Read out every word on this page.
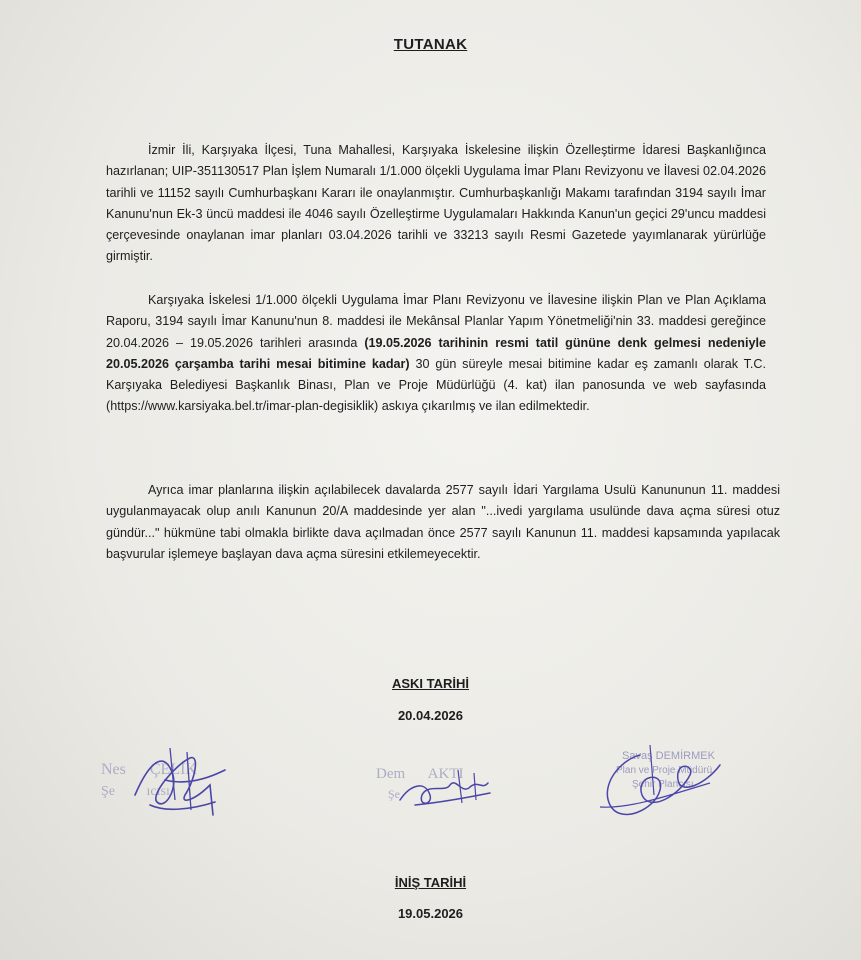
TUTANAK

İzmir İli, Karşıyaka İlçesi, Tuna Mahallesi, Karşıyaka İskelesine ilişkin Özelleştirme İdaresi Başkanlığınca hazırlanan; UIP-351130517 Plan İşlem Numaralı 1/1.000 ölçekli Uygulama İmar Planı Revizyonu ve İlavesi 02.04.2026 tarihli ve 11152 sayılı Cumhurbaşkanı Kararı ile onaylanmıştır. Cumhurbaşkanlığı Makamı tarafından 3194 sayılı İmar Kanunu'nun Ek-3 üncü maddesi ile 4046 sayılı Özelleştirme Uygulamaları Hakkında Kanun'un geçici 29'uncu maddesi çerçevesinde onaylanan imar planları 03.04.2026 tarihli ve 33213 sayılı Resmi Gazetede yayımlanarak yürürlüğe girmiştir.

Karşıyaka İskelesi 1/1.000 ölçekli Uygulama İmar Planı Revizyonu ve İlavesine ilişkin Plan ve Plan Açıklama Raporu, 3194 sayılı İmar Kanunu'nun 8. maddesi ile Mekânsal Planlar Yapım Yönetmeliği'nin 33. maddesi gereğince 20.04.2026 – 19.05.2026 tarihleri arasında (19.05.2026 tarihinin resmi tatil gününe denk gelmesi nedeniyle 20.05.2026 çarşamba tarihi mesai bitimine kadar) 30 gün süreyle mesai bitimine kadar eş zamanlı olarak T.C. Karşıyaka Belediyesi Başkanlık Binası, Plan ve Proje Müdürlüğü (4. kat) ilan panosunda ve web sayfasında (https://www.karsiyaka.bel.tr/imar-plan-degisiklik) askıya çıkarılmış ve ilan edilmektedir.

Ayrıca imar planlarına ilişkin açılabilecek davalarda 2577 sayılı İdari Yargılama Usulü Kanununun 11. maddesi uygulanmayacak olup anılı Kanunun 20/A maddesinde yer alan "...ivedi yargılama usulünde dava açma süresi otuz gündür..." hükmüne tabi olmakla birlikte dava açılmadan önce 2577 sayılı Kanunun 11. maddesi kapsamında yapılacak başvurular işlemeye başlayan dava açma süresini etkilemeyecektir.

ASKI TARİHİ
20.04.2026
Nes      ÇELİK
Şe         ıcısı
Dem      AKTI
Şe
Savaş DEMİRMEK
Plan ve Proje Müdürü
Şehir Plancısı
İNİŞ TARİHİ
19.05.2026
